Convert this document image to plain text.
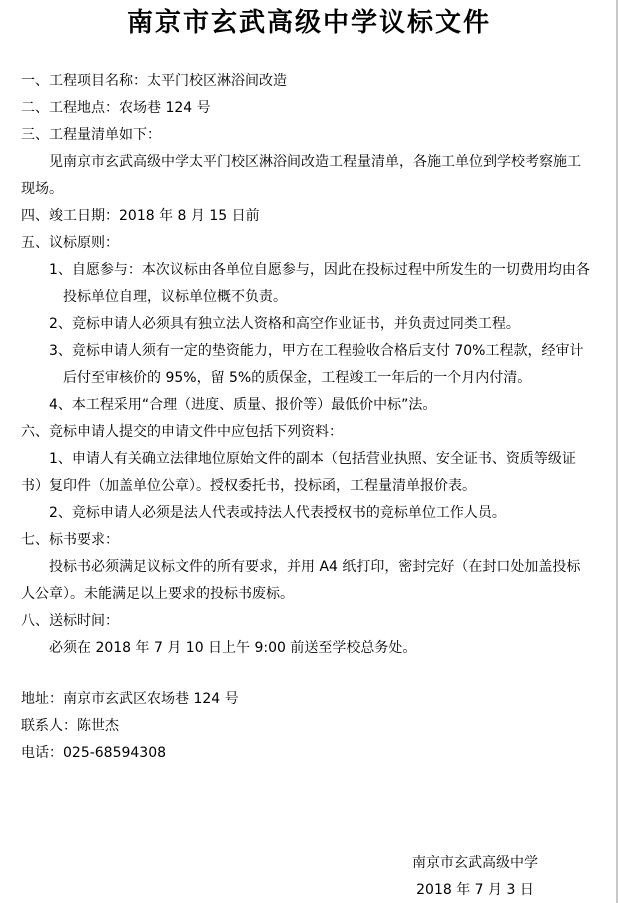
南京市玄武高级中学议标文件

一、工程项目名称：太平门校区淋浴间改造

二、工程地点：农场巷 124 号

三、工程量清单如下：

见南京市玄武高级中学太平门校区淋浴间改造工程量清单，各施工单位到学校考察施工现场。

四、竣工日期：2018 年 8 月 15 日前

五、议标原则：

1、自愿参与：本次议标由各单位自愿参与，因此在投标过程中所发生的一切费用均由各投标单位自理，议标单位概不负责。

2、竞标申请人必须具有独立法人资格和高空作业证书，并负责过同类工程。

3、竞标申请人须有一定的垫资能力，甲方在工程验收合格后支付 70%工程款，经审计后付至审核价的 95%，留 5%的质保金，工程竣工一年后的一个月内付清。

4、本工程采用“合理（进度、质量、报价等）最低价中标”法。

六、竞标申请人提交的申请文件中应包括下列资料：

1、申请人有关确立法律地位原始文件的副本（包括营业执照、安全证书、资质等级证书）复印件（加盖单位公章）。授权委托书，投标函，工程量清单报价表。

2、竞标申请人必须是法人代表或持法人代表授权书的竞标单位工作人员。

七、标书要求：

投标书必须满足议标文件的所有要求，并用 A4 纸打印，密封完好（在封口处加盖投标人公章）。未能满足以上要求的投标书废标。

八、送标时间：

必须在 2018 年 7 月 10 日上午 9:00 前送至学校总务处。

地址：南京市玄武区农场巷 124 号

联系人：陈世杰

电话：025-68594308

南京市玄武高级中学

2018 年 7 月 3 日
